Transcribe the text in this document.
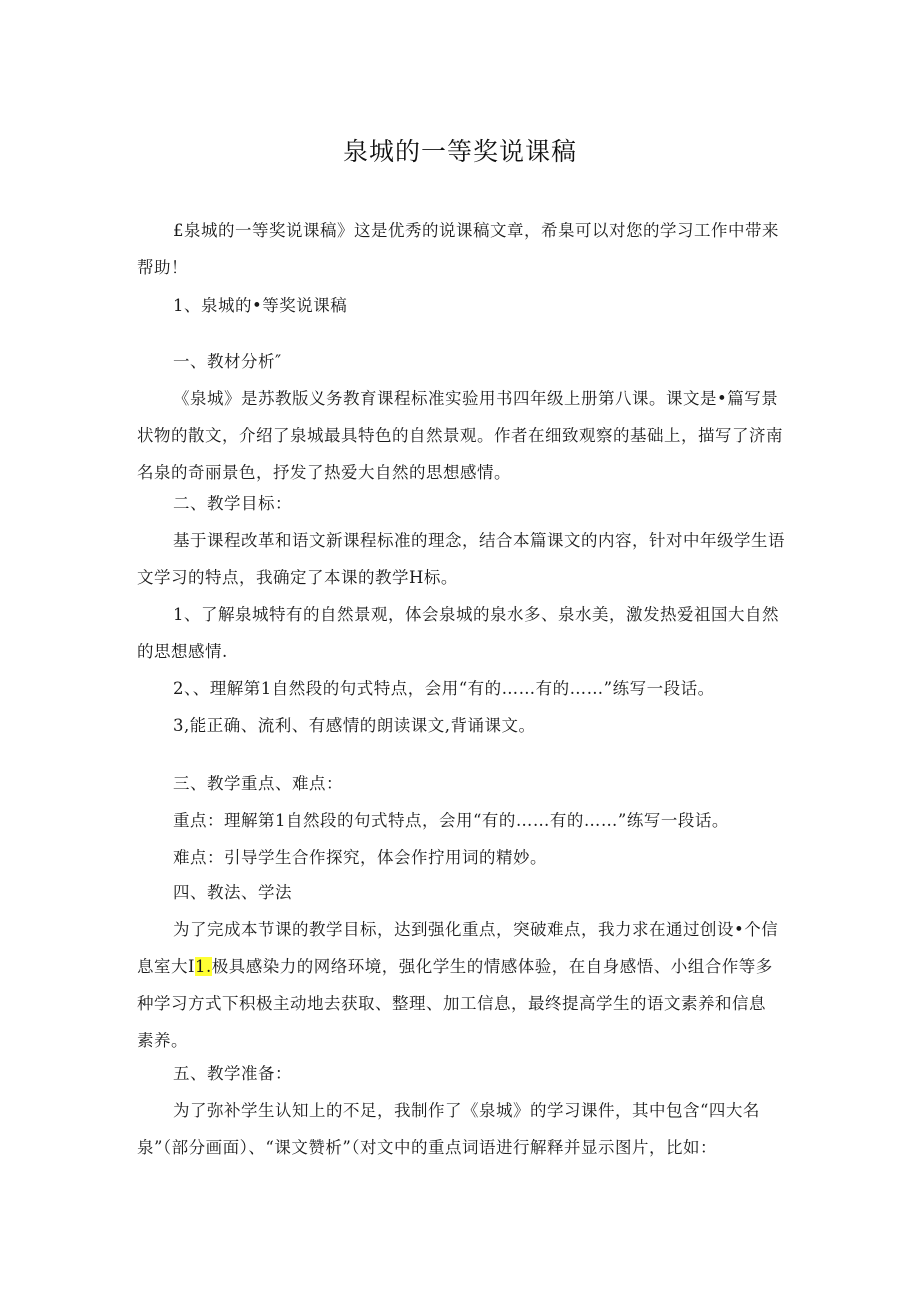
泉城的一等奖说课稿
£泉城的一等奖说课稿》这是优秀的说课稿文章，希臬可以对您的学习工作中带来
帮助！
1、泉城的•等奖说课稿
一、教材分析″
《泉城》是苏教版义务教育课程标准实验用书四年级上册第八课。课文是•篇写景
状物的散文，介绍了泉城最具特色的自然景观。作者在细致观察的基础上，描写了济南
名泉的奇丽景色，抒发了热爱大自然的思想感情。
二、教学目标：
基于课程改革和语文新课程标准的理念，结合本篇课文的内容，针对中年级学生语
文学习的特点，我确定了本课的教学H标。
1、了解泉城特有的自然景观，体会泉城的泉水多、泉水美，激发热爱祖国大自然
的思想感情.
2、、理解第1自然段的句式特点，会用“有的……有的……”练写一段话。
3,能正确、流利、有感情的朗读课文,背诵课文。
三、教学重点、难点：
重点：理解第1自然段的句式特点，会用“有的……有的……”练写一段话。
难点：引导学生合作探究，体会作拧用词的精妙。
四、教法、学法
为了完成本节课的教学目标，达到强化重点，突破难点，我力求在通过创设•个信
息室大I1.极具感染力的网络环境，强化学生的情感体验，在自身感悟、小组合作等多
种学习方式下积极主动地去获取、整理、加工信息，最终提高学生的语文素养和信息
素养。
五、教学准备：
为了弥补学生认知上的不足，我制作了《泉城》的学习课件，其中包含“四大名
泉”（部分画面）、“课文赞析”（对文中的重点词语进行解释并显示图片，比如：
